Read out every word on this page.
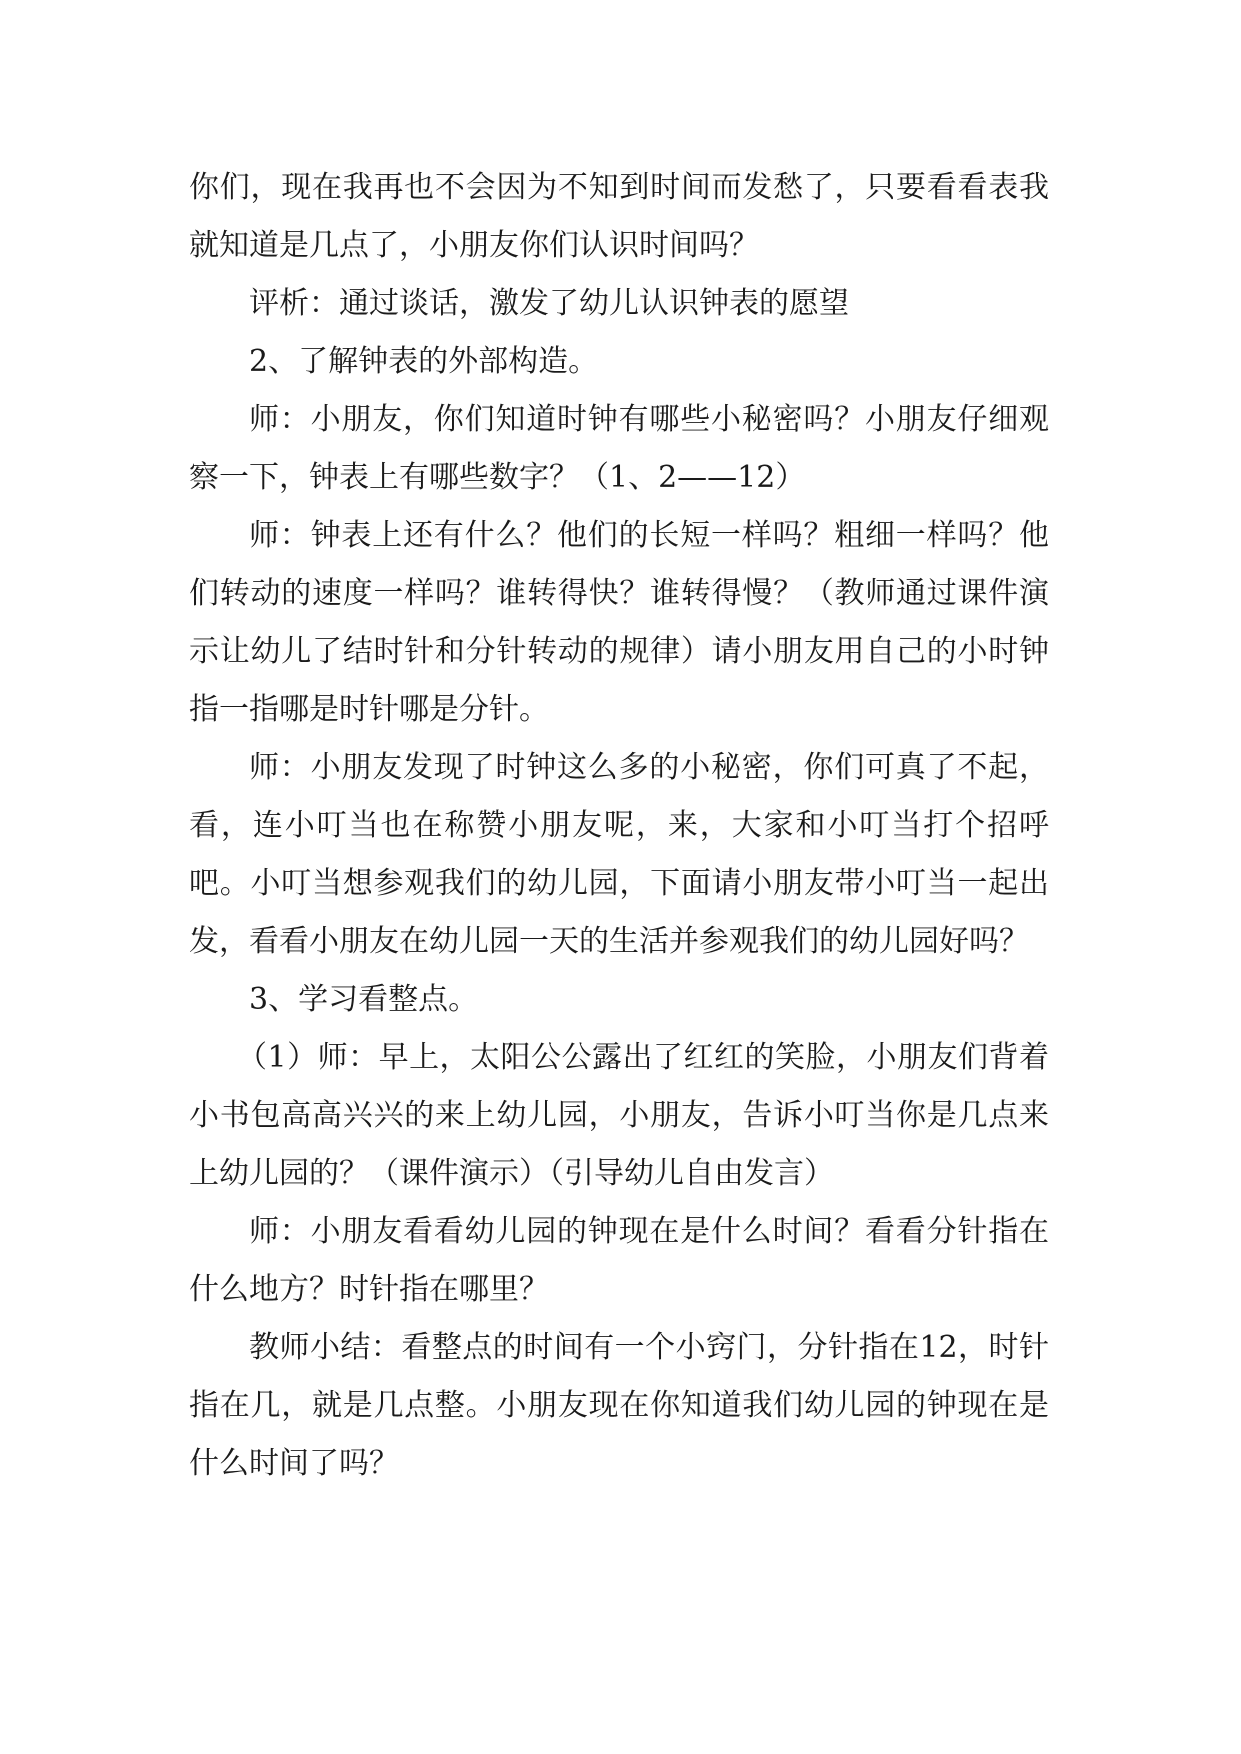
你们，现在我再也不会因为不知到时间而发愁了，只要看看表我就知道是几点了，小朋友你们认识时间吗？

评析：通过谈话，激发了幼儿认识钟表的愿望

2、了解钟表的外部构造。

师：小朋友，你们知道时钟有哪些小秘密吗？小朋友仔细观察一下，钟表上有哪些数字？（1、2——12）

师：钟表上还有什么？他们的长短一样吗？粗细一样吗？他们转动的速度一样吗？谁转得快？谁转得慢？（教师通过课件演示让幼儿了结时针和分针转动的规律）请小朋友用自己的小时钟指一指哪是时针哪是分针。

师：小朋友发现了时钟这么多的小秘密，你们可真了不起，看，连小叮当也在称赞小朋友呢，来，大家和小叮当打个招呼吧。小叮当想参观我们的幼儿园，下面请小朋友带小叮当一起出发，看看小朋友在幼儿园一天的生活并参观我们的幼儿园好吗？

3、学习看整点。

（1）师：早上，太阳公公露出了红红的笑脸，小朋友们背着小书包高高兴兴的来上幼儿园，小朋友，告诉小叮当你是几点来上幼儿园的？（课件演示）（引导幼儿自由发言）

师：小朋友看看幼儿园的钟现在是什么时间？看看分针指在什么地方？时针指在哪里？

教师小结：看整点的时间有一个小窍门，分针指在12，时针指在几，就是几点整。小朋友现在你知道我们幼儿园的钟现在是什么时间了吗？
